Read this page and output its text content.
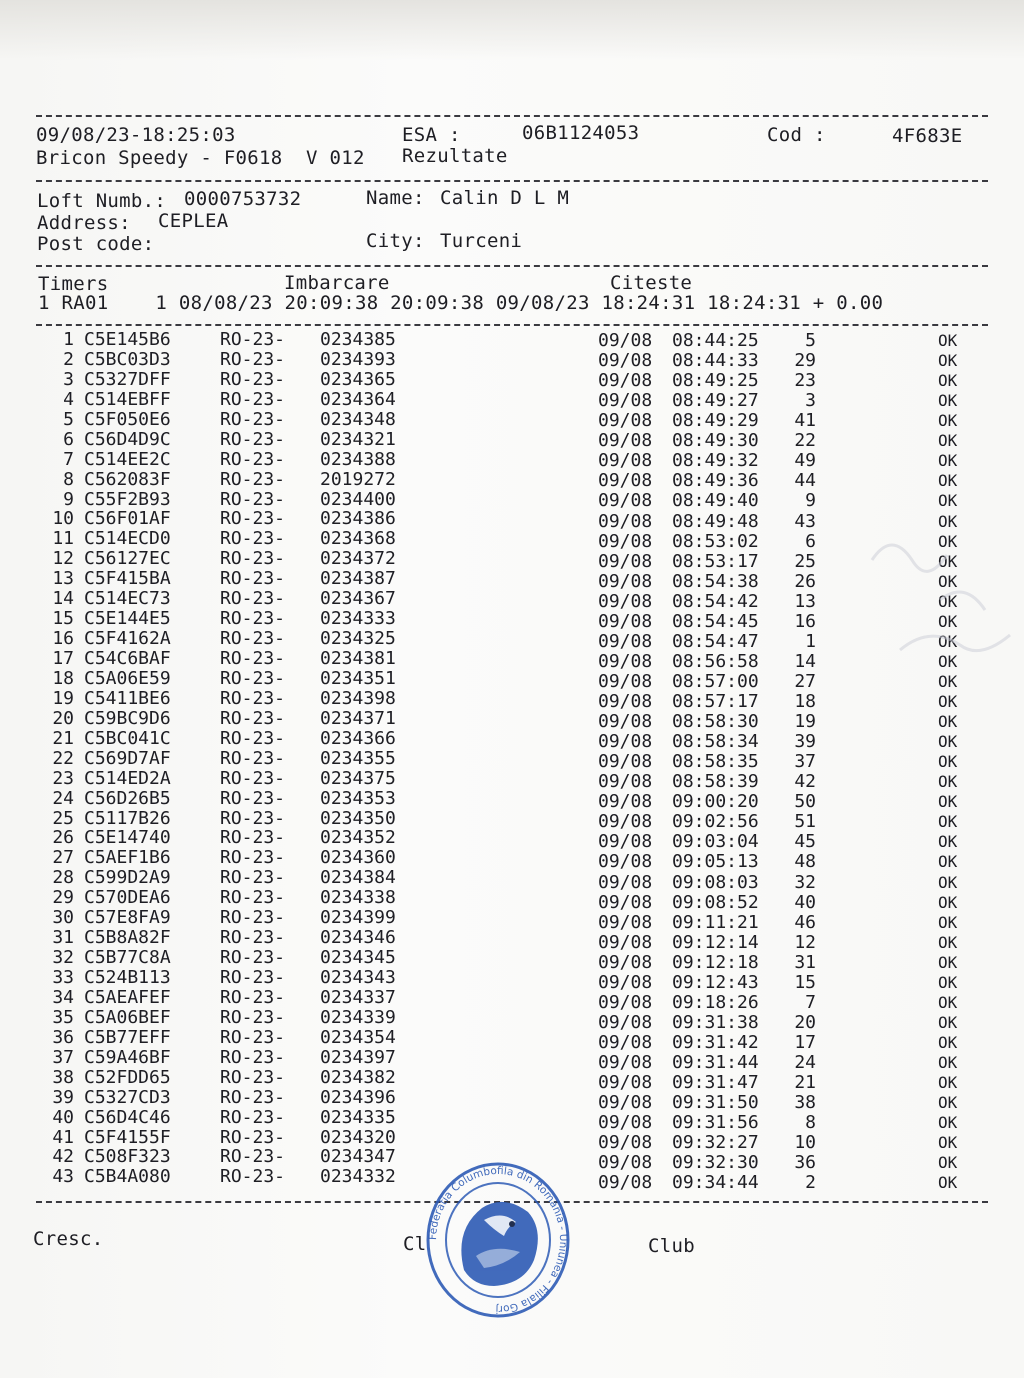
09/08/23-18:25:03	ESA :	06B1124053	Cod :	4F683E
Bricon Speedy - F0618  V 012 Rezultate
Loft Numb.: 0000753732	Name: Calin D L M
Address: CEPLEA
Post code:	City: Turceni
Timers	Imbarcare	Citeste
1 RA01    1 08/08/23 20:09:38 20:09:38 09/08/23 18:24:31 18:24:31 + 0.00
1 C5E145B6	RO-23- 0234385	09/08 08:44:25	5	OK
2 C5BC03D3	RO-23- 0234393	09/08 08:44:33	29	OK
3 C5327DFF	RO-23- 0234365	09/08 08:49:25	23	OK
4 C514EBFF	RO-23- 0234364	09/08 08:49:27	3	OK
5 C5F050E6	RO-23- 0234348	09/08 08:49:29	41	OK
6 C56D4D9C	RO-23- 0234321	09/08 08:49:30	22	OK
7 C514EE2C	RO-23- 0234388	09/08 08:49:32	49	OK
8 C562083F	RO-23- 2019272	09/08 08:49:36	44	OK
9 C55F2B93	RO-23- 0234400	09/08 08:49:40	9	OK
10 C56F01AF	RO-23- 0234386	09/08 08:49:48	43	OK
11 C514ECD0	RO-23- 0234368	09/08 08:53:02	6	OK
12 C56127EC	RO-23- 0234372	09/08 08:53:17	25	OK
13 C5F415BA	RO-23- 0234387	09/08 08:54:38	26	OK
14 C514EC73	RO-23- 0234367	09/08 08:54:42	13	OK
15 C5E144E5	RO-23- 0234333	09/08 08:54:45	16	OK
16 C5F4162A	RO-23- 0234325	09/08 08:54:47	1	OK
17 C54C6BAF	RO-23- 0234381	09/08 08:56:58	14	OK
18 C5A06E59	RO-23- 0234351	09/08 08:57:00	27	OK
19 C5411BE6	RO-23- 0234398	09/08 08:57:17	18	OK
20 C59BC9D6	RO-23- 0234371	09/08 08:58:30	19	OK
21 C5BC041C	RO-23- 0234366	09/08 08:58:34	39	OK
22 C569D7AF	RO-23- 0234355	09/08 08:58:35	37	OK
23 C514ED2A	RO-23- 0234375	09/08 08:58:39	42	OK
24 C56D26B5	RO-23- 0234353	09/08 09:00:20	50	OK
25 C5117B26	RO-23- 0234350	09/08 09:02:56	51	OK
26 C5E14740	RO-23- 0234352	09/08 09:03:04	45	OK
27 C5AEF1B6	RO-23- 0234360	09/08 09:05:13	48	OK
28 C599D2A9	RO-23- 0234384	09/08 09:08:03	32	OK
29 C570DEA6	RO-23- 0234338	09/08 09:08:52	40	OK
30 C57E8FA9	RO-23- 0234399	09/08 09:11:21	46	OK
31 C5B8A82F	RO-23- 0234346	09/08 09:12:14	12	OK
32 C5B77C8A	RO-23- 0234345	09/08 09:12:18	31	OK
33 C524B113	RO-23- 0234343	09/08 09:12:43	15	OK
34 C5AEAFEF	RO-23- 0234337	09/08 09:18:26	7	OK
35 C5A06BEF	RO-23- 0234339	09/08 09:31:38	20	OK
36 C5B77EFF	RO-23- 0234354	09/08 09:31:42	17	OK
37 C59A46BF	RO-23- 0234397	09/08 09:31:44	24	OK
38 C52FDD65	RO-23- 0234382	09/08 09:31:47	21	OK
39 C5327CD3	RO-23- 0234396	09/08 09:31:50	38	OK
40 C56D4C46	RO-23- 0234335	09/08 09:31:56	8	OK
41 C5F4155F	RO-23- 0234320	09/08 09:32:27	10	OK
42 C508F323	RO-23- 0234347	09/08 09:32:30	36	OK
43 C5B4A080	RO-23- 0234332	09/08 09:34:44	2	OK
Cresc.	Cl	Club
Federatia Columbofila din Romania - Uniunea - Filiala Gorj
